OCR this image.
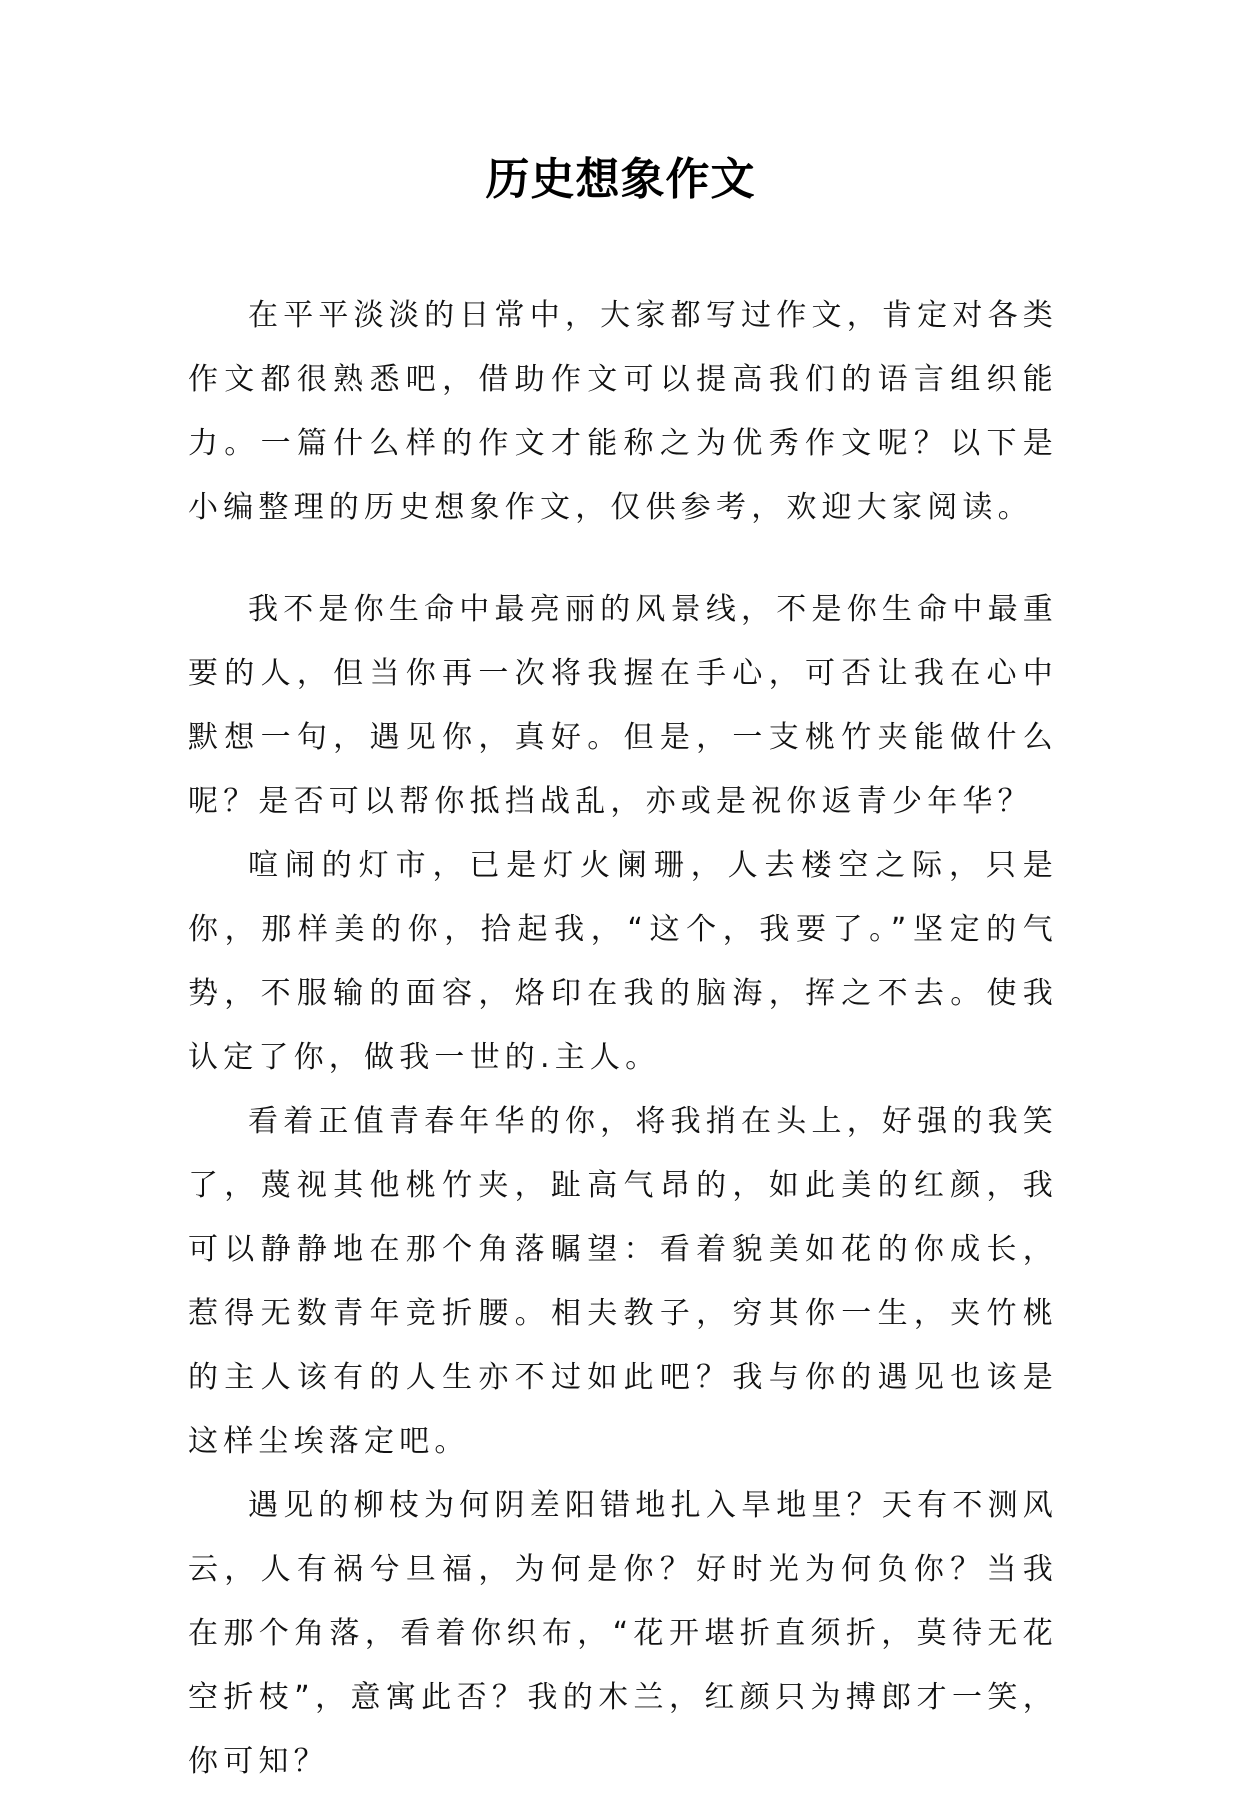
历史想象作文

在平平淡淡的日常中，大家都写过作文，肯定对各类作文都很熟悉吧，借助作文可以提高我们的语言组织能力。一篇什么样的作文才能称之为优秀作文呢？以下是小编整理的历史想象作文，仅供参考，欢迎大家阅读。

我不是你生命中最亮丽的风景线，不是你生命中最重要的人，但当你再一次将我握在手心，可否让我在心中默想一句，遇见你，真好。但是，一支桃竹夹能做什么呢？是否可以帮你抵挡战乱，亦或是祝你返青少年华？

喧闹的灯市，已是灯火阑珊，人去楼空之际，只是你，那样美的你，拾起我，“这个，我要了。”坚定的气势，不服输的面容，烙印在我的脑海，挥之不去。使我认定了你，做我一世的.主人。

看着正值青春年华的你，将我捎在头上，好强的我笑了，蔑视其他桃竹夹，趾高气昂的，如此美的红颜，我可以静静地在那个角落瞩望：看着貌美如花的你成长，惹得无数青年竞折腰。相夫教子，穷其你一生，夹竹桃的主人该有的人生亦不过如此吧？我与你的遇见也该是这样尘埃落定吧。

遇见的柳枝为何阴差阳错地扎入旱地里？天有不测风云，人有祸兮旦福，为何是你？好时光为何负你？当我在那个角落，看着你织布，“花开堪折直须折，莫待无花空折枝”，意寓此否？我的木兰，红颜只为搏郎才一笑，你可知？
